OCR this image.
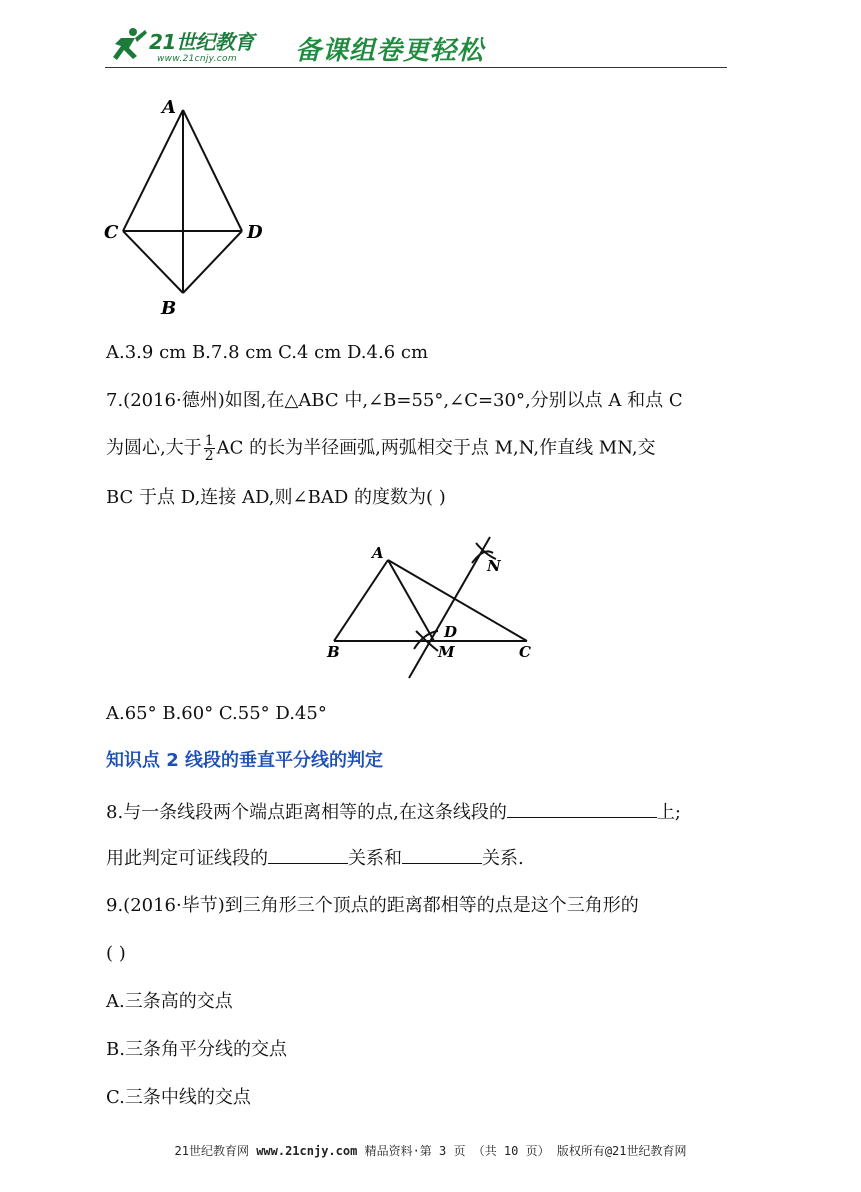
21世纪教育
www.21cnjy.com 备课组卷更轻松
A
C	D
B
A.3.9 cm B.7.8 cm C.4 cm D.4.6 cm
7.(2016·德州)如图,在△ABC 中,∠B=55°,∠C=30°,分别以点 A 和点 C
为圆心,大于 $\frac{1}{2}$ AC 的长为半径画弧,两弧相交于点 M,N,作直线 MN,交
BC 于点 D,连接 AD,则∠BAD 的度数为( )
A
B	C
D
M
N
A.65° B.60° C.55° D.45°
知识点 2 线段的垂直平分线的判定
8.与一条线段两个端点距离相等的点,在这条线段的	上;
用此判定可证线段的	关系和	关系.
9.(2016·毕节)到三角形三个顶点的距离都相等的点是这个三角形的
( )
A.三条高的交点
B.三条角平分线的交点
C.三条中线的交点
21世纪教育网 www.21cnjy.com 精品资料·第 3 页 （共 10 页） 版权所有@21世纪教育网
